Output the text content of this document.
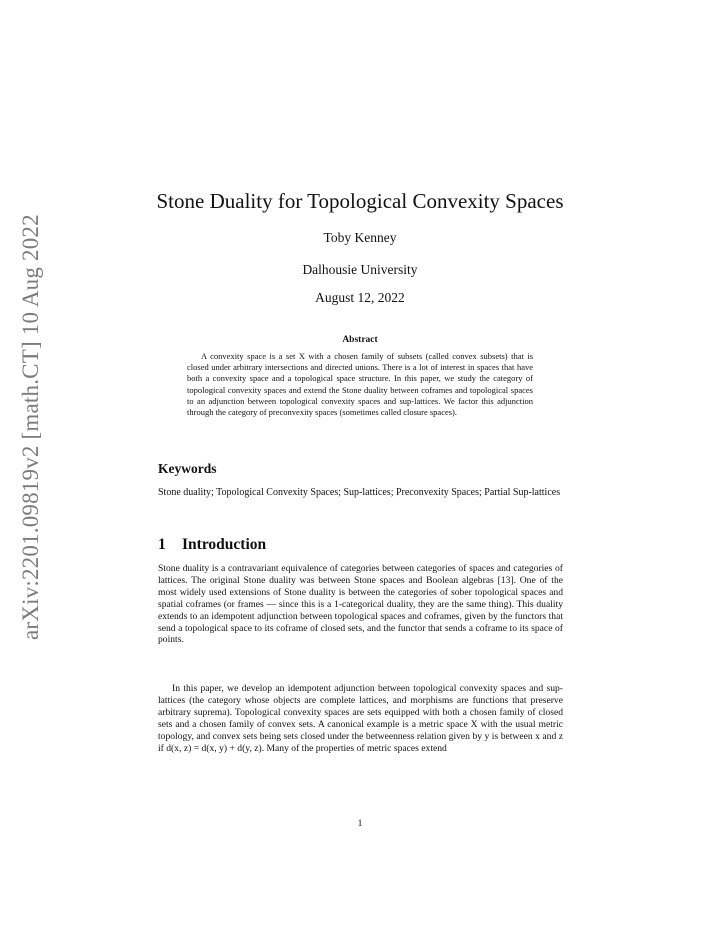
arXiv:2201.09819v2 [math.CT] 10 Aug 2022
Stone Duality for Topological Convexity Spaces
Toby Kenney
Dalhousie University
August 12, 2022
Abstract

A convexity space is a set X with a chosen family of subsets (called convex subsets) that is closed under arbitrary intersections and directed unions. There is a lot of interest in spaces that have both a convexity space and a topological space structure. In this paper, we study the category of topological convexity spaces and extend the Stone duality between coframes and topological spaces to an adjunction between topological convexity spaces and sup-lattices. We factor this adjunction through the category of preconvexity spaces (sometimes called closure spaces).

Keywords

Stone duality; Topological Convexity Spaces; Sup-lattices; Preconvexity Spaces; Partial Sup-lattices

1 Introduction

Stone duality is a contravariant equivalence of categories between categories of spaces and categories of lattices. The original Stone duality was between Stone spaces and Boolean algebras [13]. One of the most widely used extensions of Stone duality is between the categories of sober topological spaces and spatial coframes (or frames — since this is a 1-categorical duality, they are the same thing). This duality extends to an idempotent adjunction between topological spaces and coframes, given by the functors that send a topological space to its coframe of closed sets, and the functor that sends a coframe to its space of points.

In this paper, we develop an idempotent adjunction between topological convexity spaces and sup-lattices (the category whose objects are complete lattices, and morphisms are functions that preserve arbitrary suprema). Topological convexity spaces are sets equipped with both a chosen family of closed sets and a chosen family of convex sets. A canonical example is a metric space X with the usual metric topology, and convex sets being sets closed under the betweenness relation given by y is between x and z if d(x, z) = d(x, y) + d(y, z). Many of the properties of metric spaces extend

1
